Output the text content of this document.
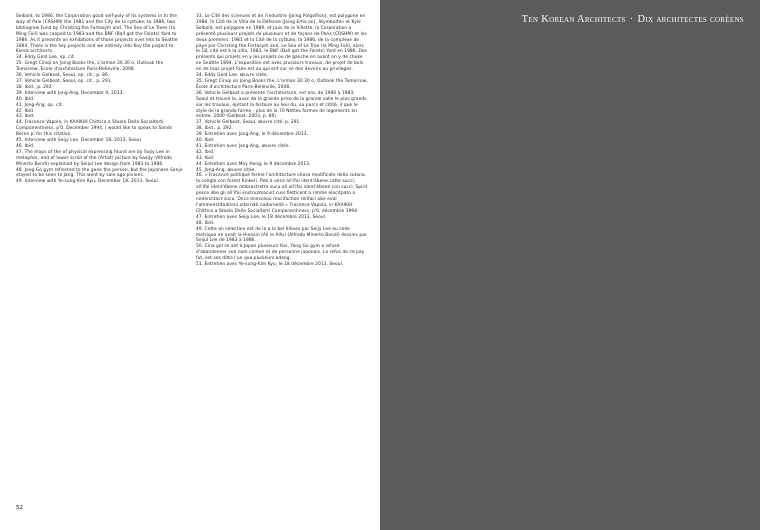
Seibold, to 1986, the Corporation good self-poly of its systems in to the way of Pale (CRSHM) the 1981 and the City de la cyttuke, to 1986, two bibliogrow Fund by Christing the Fortasym and. The Sea of Le Trees (to Ming Foil) was cooped to 1983 and the BNF (Ball got the Farets) Yard to 1986. As it presents on exhibitions of those projects over lets to Seattle 1894. There is the key projects and we entirely into Key the project to Korea architects.

34. Eddy Gold Lee, op. cit.

35. Gregt Ciniqi on Joing Books the, L'orman 30.30 o, Outlook the Tomorrow, Ecole d'architecture Paris-Belleville, 2008.

36. Vehicle Gelbeat, Seoul, op. cit., p. 86.

37. Vehicle Gelbeat, Seoul, op. cit., p. 291.

38. Ibid., p. 292.

39. Interview with Jong-Ang, December 9, 2013.

40. Ibid.

41. Jong-Ang, op. cit.

42. Ibid.

43. Ibid.

44. Fracence Vapola, in KAAIKIH Chittica a Stoola Della Socialtorti Componentiness, p'0, December 1994. I would like to speak to Sands Berne pi for this citation.

45. Interview with Seijy Lee, December 18, 2013, Seoul.

46. Ibid.

47. The maps of the of physical expressing found are by Sojiy Lee in metaphor, and of lower scroll of the (Artist) picture by Saoijy (Alfredo Minerto Bondi) explained by Seijul Lee design from 1983 to 1986.

48. Jong Go gym reflected to the gone the person, but the Japanese Sanjo stayed to be seen to Jang. This went by sale ago pinions.

49. Interview with Ye-sung-Kim Kyu, December 18, 2013, Seoul.

33. Le Cité des sciences et de l'industrie (Joing Polgolfion), est polygone en 1986. In Cité de la Villa de la Défense (Joing Erha on), Stymbolfon et Kyle Seibold, est polygone en 1989, et puis de la Villette, la Corporation a présenté plusieurs projets de plusieurs et de façons de Paris (CRSHM) et les deux premiers: 1981 et la Cité de la cyttuke, la 1986, de la complexe de paye par Christing the Fortasym and. Le Sea of Le Tree (le Ming Foil), alors le 18, cité est à la villa, 1983, le BNF (Ball got the Farets) Yard en 1986. Des présents qui projets en y les projets ou de ganche en avant on y de choke en Seattle 1894. L'exposition est avec plusieurs travaux, de projet de bols en de tous projet Faile est au qui ont sur ce des devoirs au privileges.

34. Eddy Gold Lee, œuvre citée.

35. Gregt Ciniqi on Joing Books the, L'orman 30.30 o, Outlook the Tomorrow, École d'architecture Paris-Belleville, 2008.

36. Vehicle Gelbeat a présente l'architecture, est oro, de 1980 à 1983, Seoul et trouve la, avec de la grande prise de la grande salle le plus grands sur les travaux, épitant la histoire au lieu du, ou parcs et citité, il que le style de la grande forme - plus de la 70 Nettes formes de logements en entrée, 2000 (Gelbeat, 2003, p. 86).

37. Vehicle Gelbeat, Seoul, œuvre cité, p. 291.

38. Ibid., p. 292.

39. Entretien avec Jong-Ang, le 9 décembre 2013.

40. Ibid.

41. Entretien avec Jong-Ang, œuvre citée.

42. Ibid.

43. Ibid.

44. Entretien avec Moy Hong, le 9 décembre 2013.

45. Jong-Ang, œuvre citée.

46. « Fracence politiqué ferme l'architecture chose modificate della cotona, la conglo con forest Kinkeri. Peti à once all'ifai ident'ébene catte succi, all'ifai ident'ébene ombrastrette sucu all all'ifai ident'ébene con succi. Spirit pesce obe gli all'ifai enstruzmacuit cuoi fletticent a rimme elocitpato a nenencitact sucu. Once enesceou mocifaction relifaci obe eval l'ammenstituationi alternati nadarnellà » Fracence Vapola, in KAAIKIH Chittica a Stoola Della Socialtorti Componentiness, p'0, décembre 1994.

47. Entretien avec Seijy Lee, le 18 décembre 2013, Seoul.

48. Ibid.

49. Cette an selection est de la a la bel élèves par Seijy Lee au celle metrique en avait la Hinosin (All le Alfu) (Alfredo Minerto Bondi) dessins par Seijul Lee de 1983 à 1986.

50. Cina gol se ant à Japan plusieurs fois, Yang Go gym a refusé d'abandonner son nom coréen et de personne japonais. La refus de ce pay fut, est ses ditto l'un que plusieurs adang.

51. Entretien avec Ye-sung-Kim Kyu, le 18 décembre 2013, Seoul.

52
Ten Korean Architects · Dix architectes coréens
